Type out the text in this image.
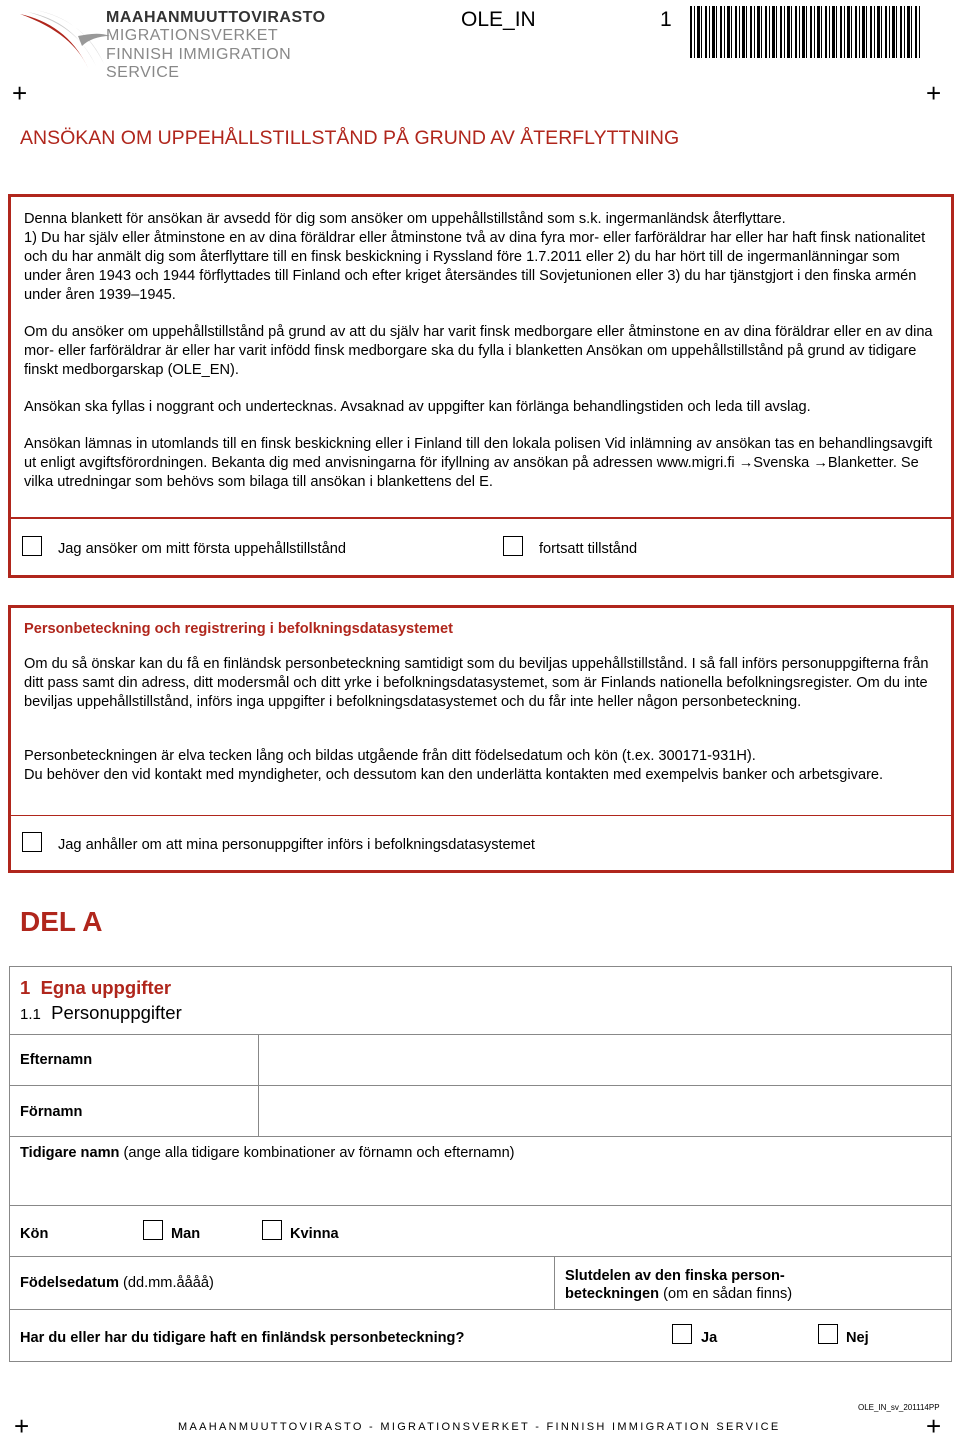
MAAHANMUUTTOVIRASTO
MIGRATIONSVERKET
FINNISH IMMIGRATION SERVICE
OLE_IN	1
+	+
ANSÖKAN OM UPPEHÅLLSTILLSTÅND PÅ GRUND AV ÅTERFLYTTNING
Denna blankett för ansökan är avsedd för dig som ansöker om uppehållstillstånd som s.k. ingermanländsk återflyttare.
1) Du har själv eller åtminstone en av dina föräldrar eller åtminstone två av dina fyra mor- eller farföräldrar har eller har haft finsk nationalitet och du har anmält dig som återflyttare till en finsk beskickning i Ryssland före 1.7.2011 eller 2) du har hört till de ingermanlänningar som under åren 1943 och 1944 förflyttades till Finland och efter kriget återsändes till Sovjetunionen eller 3) du har tjänstgjort i den finska armén under åren 1939–1945.
Om du ansöker om uppehållstillstånd på grund av att du själv har varit finsk medborgare eller åtminstone en av dina föräldrar eller en av dina mor- eller farföräldrar är eller har varit infödd finsk medborgare ska du fylla i blanketten Ansökan om uppehållstillstånd på grund av tidigare finskt medborgarskap (OLE_EN).
Ansökan ska fyllas i noggrant och undertecknas. Avsaknad av uppgifter kan förlänga behandlingstiden och leda till avslag.
Ansökan lämnas in utomlands till en finsk beskickning eller i Finland till den lokala polisen Vid inlämning av ansökan tas en behandlingsavgift ut enligt avgiftsförordningen. Bekanta dig med anvisningarna för ifyllning av ansökan på adressen www.migri.fi →Svenska →Blanketter. Se vilka utredningar som behövs som bilaga till ansökan i blankettens del E.
Jag ansöker om mitt första uppehållstillstånd	fortsatt tillstånd
Personbeteckning och registrering i befolkningsdatasystemet
Om du så önskar kan du få en finländsk personbeteckning samtidigt som du beviljas uppehållstillstånd. I så fall införs personuppgifterna från ditt pass samt din adress, ditt modersmål och ditt yrke i befolkningsdatasystemet, som är Finlands nationella befolkningsregister. Om du inte beviljas uppehållstillstånd, införs inga uppgifter i befolkningsdatasystemet och du får inte heller någon personbeteckning.
Personbeteckningen är elva tecken lång och bildas utgående från ditt födelsedatum och kön (t.ex. 300171-931H).
Du behöver den vid kontakt med myndigheter, och dessutom kan den underlätta kontakten med exempelvis banker och arbetsgivare.
Jag anhåller om att mina personuppgifter införs i befolkningsdatasystemet
DEL A
1 Egna uppgifter
1.1 Personuppgifter
Efternamn
Förnamn
Tidigare namn (ange alla tidigare kombinationer av förnamn och efternamn)
Kön	Man	Kvinna
Födelsedatum (dd.mm.åååå)	Slutdelen av den finska person-
beteckningen (om en sådan finns)
Har du eller har du tidigare haft en finländsk personbeteckning?	Ja	Nej
OLE_IN_sv_201114PP
+	+
MAAHANMUUTTOVIRASTO - MIGRATIONSVERKET - FINNISH IMMIGRATION SERVICE
